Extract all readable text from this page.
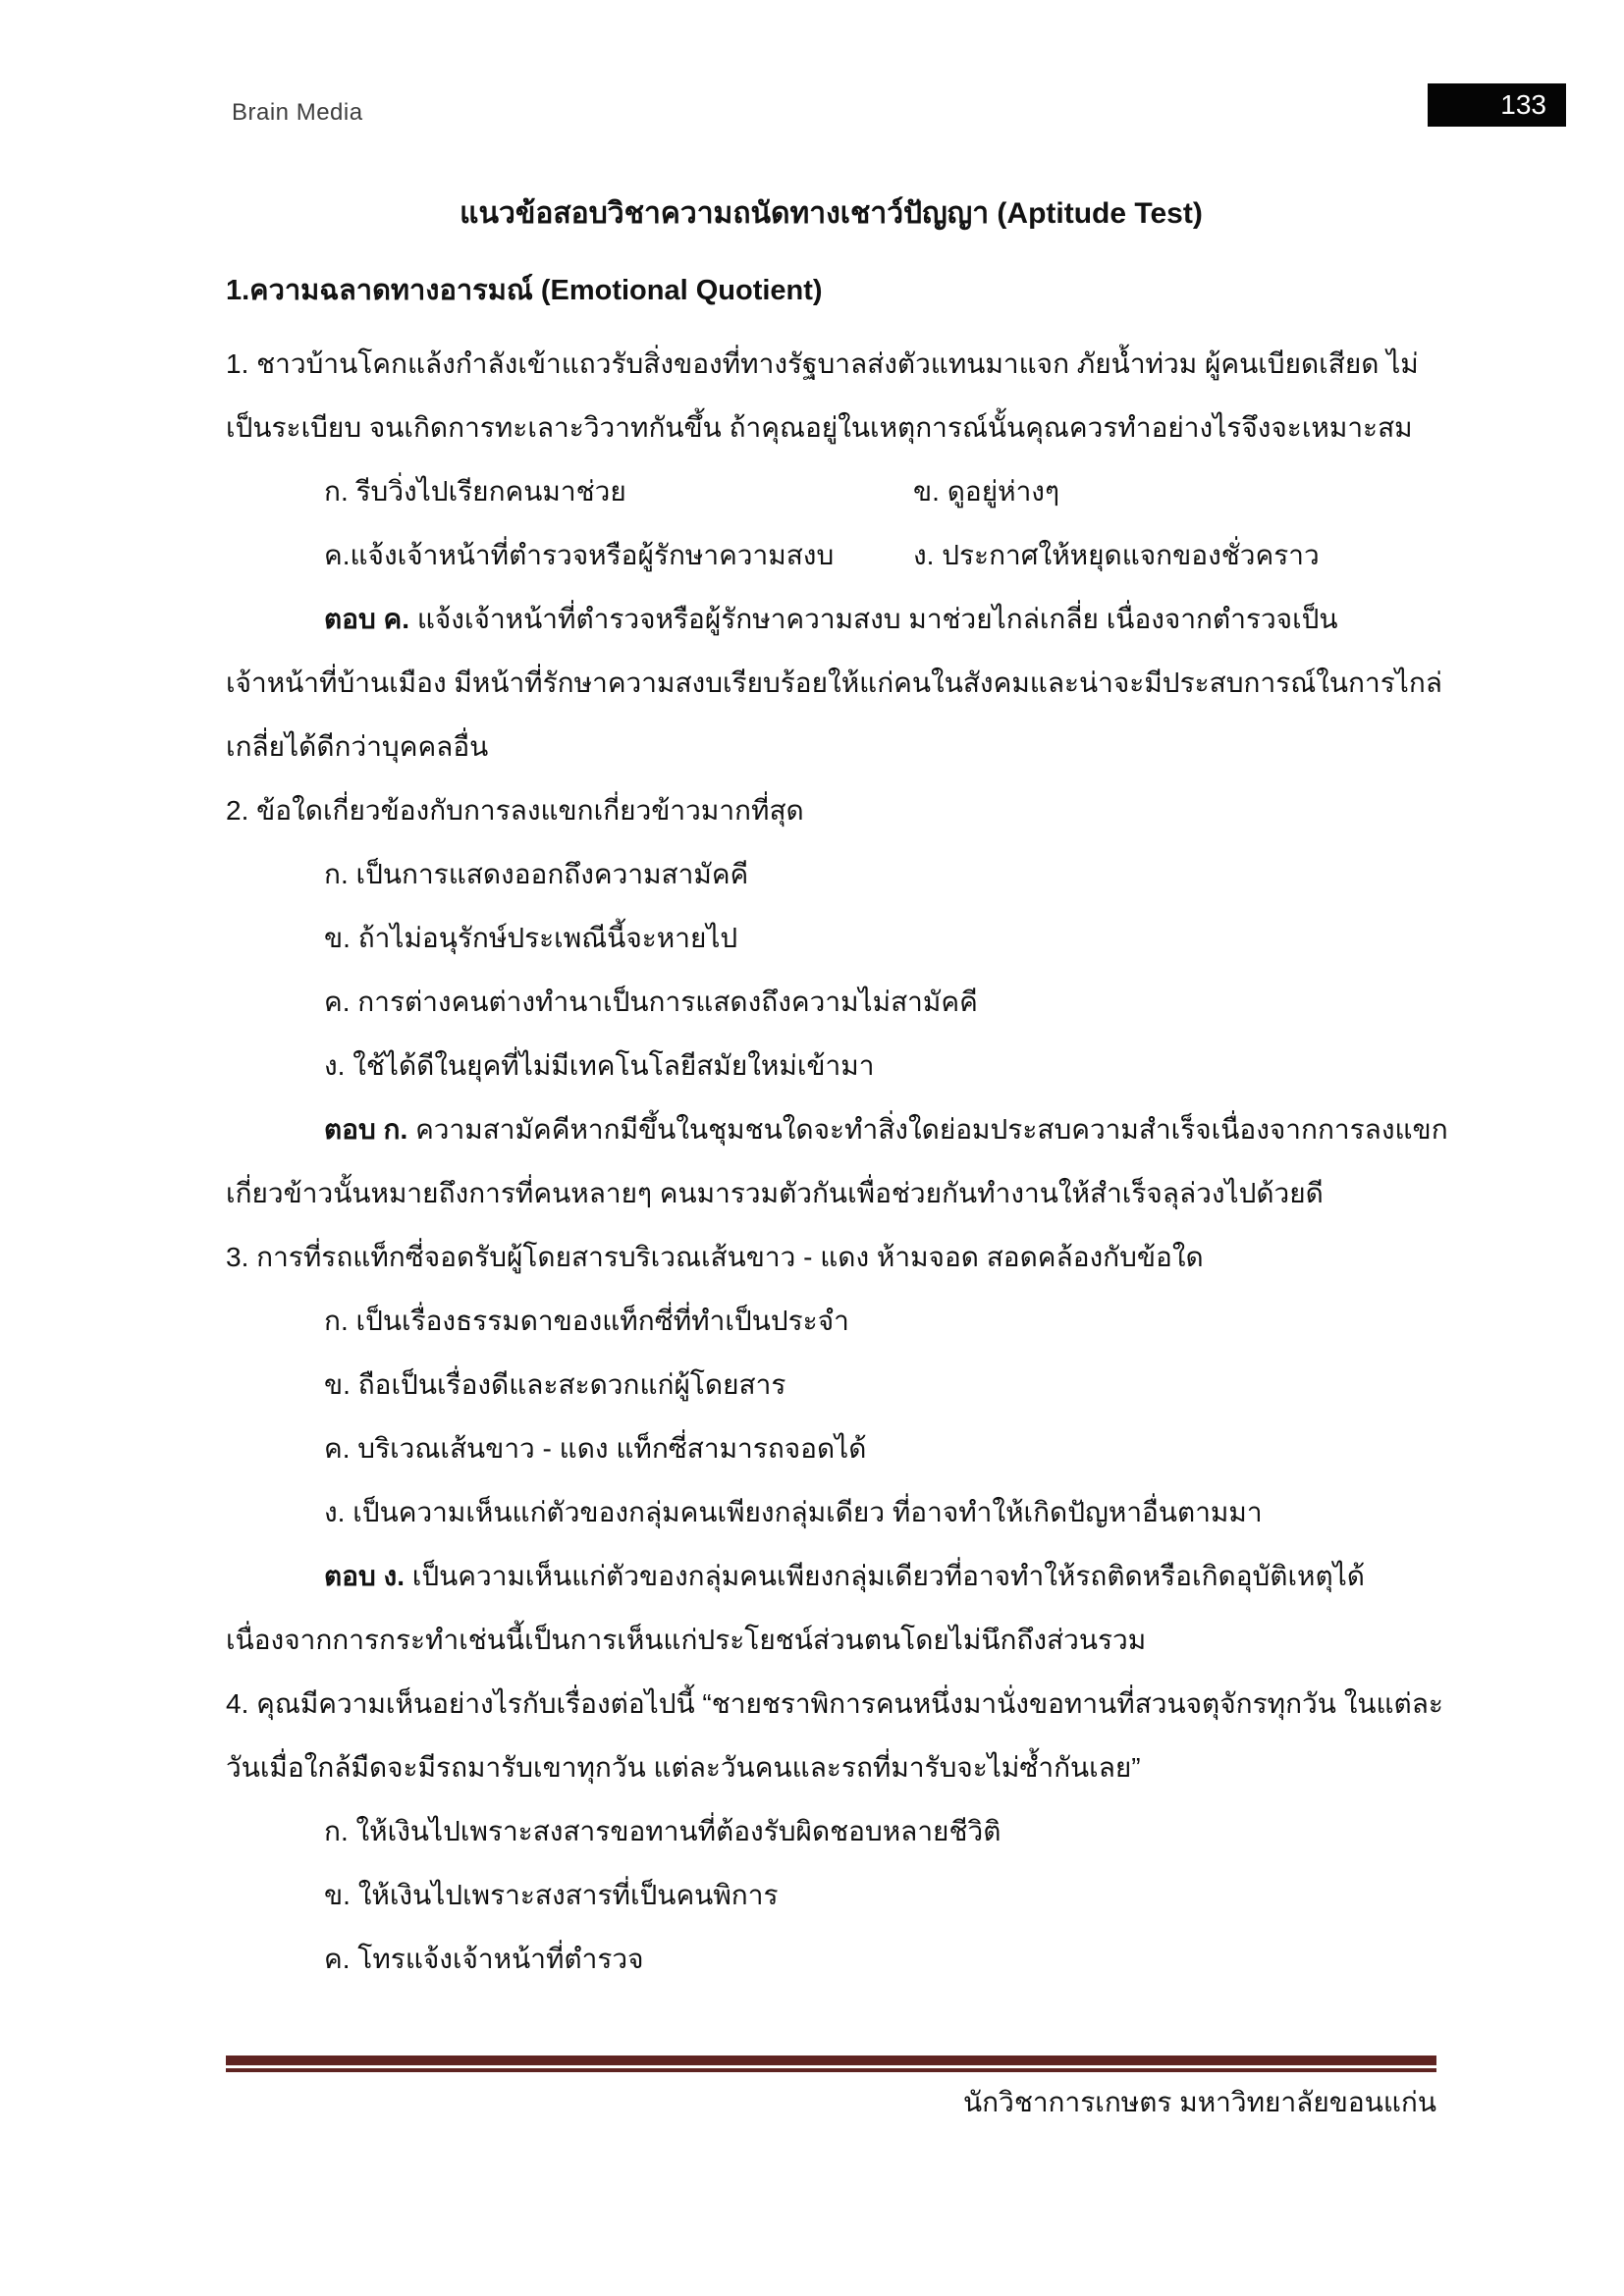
Brain Media	133
แนวข้อสอบวิชาความถนัดทางเชาว์ปัญญา (Aptitude Test)
1.ความฉลาดทางอารมณ์ (Emotional Quotient)
1. ชาวบ้านโคกแล้งกำลังเข้าแถวรับสิ่งของที่ทางรัฐบาลส่งตัวแทนมาแจก ภัยน้ำท่วม ผู้คนเบียดเสียด ไม่
เป็นระเบียบ จนเกิดการทะเลาะวิวาทกันขึ้น ถ้าคุณอยู่ในเหตุการณ์นั้นคุณควรทำอย่างไรจึงจะเหมาะสม
ก. รีบวิ่งไปเรียกคนมาช่วย	ข. ดูอยู่ห่างๆ
ค.แจ้งเจ้าหน้าที่ตำรวจหรือผู้รักษาความสงบ	ง. ประกาศให้หยุดแจกของชั่วคราว
ตอบ ค. แจ้งเจ้าหน้าที่ตำรวจหรือผู้รักษาความสงบ มาช่วยไกล่เกลี่ย เนื่องจากตำรวจเป็น
เจ้าหน้าที่บ้านเมือง มีหน้าที่รักษาความสงบเรียบร้อยให้แก่คนในสังคมและน่าจะมีประสบการณ์ในการไกล่
เกลี่ยได้ดีกว่าบุคคลอื่น
2. ข้อใดเกี่ยวข้องกับการลงแขกเกี่ยวข้าวมากที่สุด
ก. เป็นการแสดงออกถึงความสามัคคี
ข. ถ้าไม่อนุรักษ์ประเพณีนี้จะหายไป
ค. การต่างคนต่างทำนาเป็นการแสดงถึงความไม่สามัคคี
ง. ใช้ได้ดีในยุคที่ไม่มีเทคโนโลยีสมัยใหม่เข้ามา
ตอบ ก. ความสามัคคีหากมีขึ้นในชุมชนใดจะทำสิ่งใดย่อมประสบความสำเร็จเนื่องจากการลงแขก
เกี่ยวข้าวนั้นหมายถึงการที่คนหลายๆ คนมารวมตัวกันเพื่อช่วยกันทำงานให้สำเร็จลุล่วงไปด้วยดี
3. การที่รถแท็กซี่จอดรับผู้โดยสารบริเวณเส้นขาว - แดง ห้ามจอด สอดคล้องกับข้อใด
ก. เป็นเรื่องธรรมดาของแท็กซี่ที่ทำเป็นประจำ
ข. ถือเป็นเรื่องดีและสะดวกแก่ผู้โดยสาร
ค. บริเวณเส้นขาว - แดง แท็กซี่สามารถจอดได้
ง. เป็นความเห็นแก่ตัวของกลุ่มคนเพียงกลุ่มเดียว ที่อาจทำให้เกิดปัญหาอื่นตามมา
ตอบ ง. เป็นความเห็นแก่ตัวของกลุ่มคนเพียงกลุ่มเดียวที่อาจทำให้รถติดหรือเกิดอุบัติเหตุได้
เนื่องจากการกระทำเช่นนี้เป็นการเห็นแก่ประโยชน์ส่วนตนโดยไม่นึกถึงส่วนรวม
4. คุณมีความเห็นอย่างไรกับเรื่องต่อไปนี้ “ชายชราพิการคนหนึ่งมานั่งขอทานที่สวนจตุจักรทุกวัน ในแต่ละ
วันเมื่อใกล้มืดจะมีรถมารับเขาทุกวัน แต่ละวันคนและรถที่มารับจะไม่ซ้ำกันเลย”
ก. ให้เงินไปเพราะสงสารขอทานที่ต้องรับผิดชอบหลายชีวิติ
ข. ให้เงินไปเพราะสงสารที่เป็นคนพิการ
ค. โทรแจ้งเจ้าหน้าที่ตำรวจ
นักวิชาการเกษตร มหาวิทยาลัยขอนแก่น
